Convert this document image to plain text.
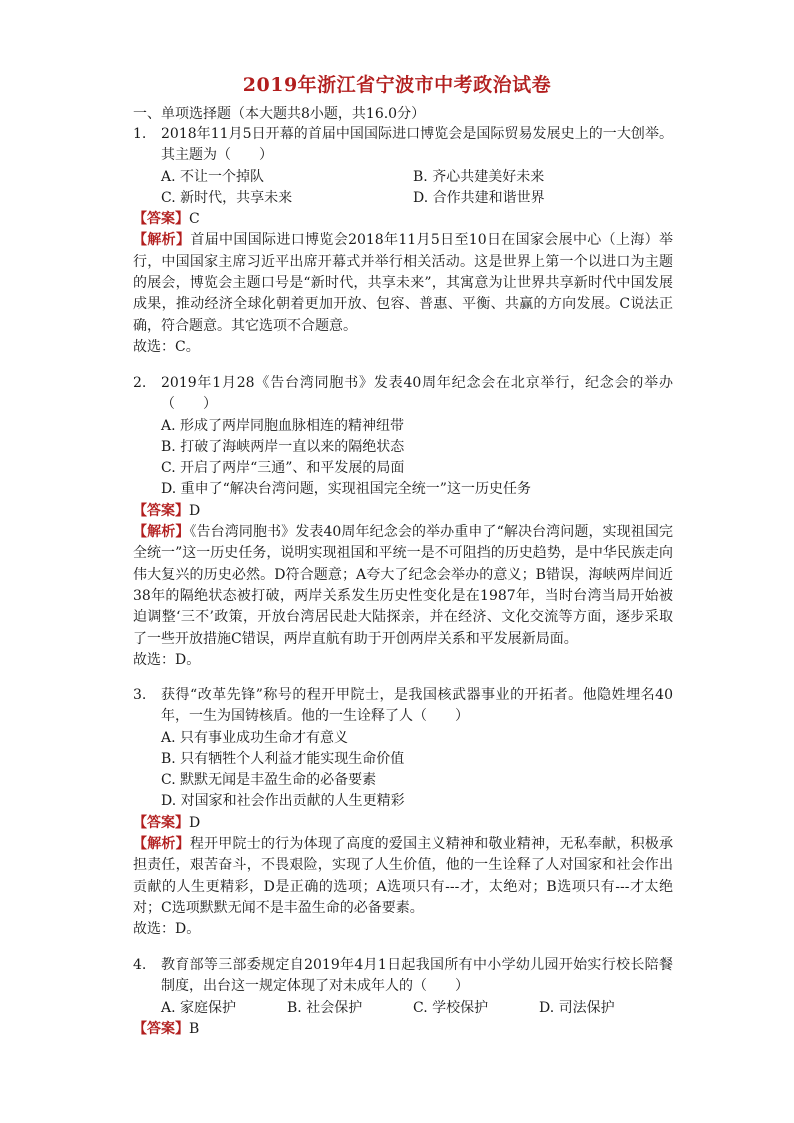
2019年浙江省宁波市中考政治试卷
一、单项选择题（本大题共8小题，共16.0分）
1.	2018年11月5日开幕的首届中国国际进口博览会是国际贸易发展史上的一大创举。其主题为（　　）
A. 不让一个掉队	B. 齐心共建美好未来
C. 新时代，共享未来	D. 合作共建和谐世界
【答案】C
【解析】首届中国国际进口博览会2018年11月5日至10日在国家会展中心（上海）举行，中国国家主席习近平出席开幕式并举行相关活动。这是世界上第一个以进口为主题的展会，博览会主题口号是“新时代，共享未来”，其寓意为让世界共享新时代中国发展成果，推动经济全球化朝着更加开放、包容、普惠、平衡、共赢的方向发展。C说法正确，符合题意。其它选项不合题意。
故选：C。
2.	2019年1月28《告台湾同胞书》发表40周年纪念会在北京举行，纪念会的举办（　　）
A. 形成了两岸同胞血脉相连的精神纽带
B. 打破了海峡两岸一直以来的隔绝状态
C. 开启了两岸“三通”、和平发展的局面
D. 重申了“解决台湾问题，实现祖国完全统一”这一历史任务
【答案】D
【解析】《告台湾同胞书》发表40周年纪念会的举办重申了“解决台湾问题，实现祖国完全统一”这一历史任务，说明实现祖国和平统一是不可阻挡的历史趋势，是中华民族走向伟大复兴的历史必然。D符合题意；A夸大了纪念会举办的意义；B错误，海峡两岸间近38年的隔绝状态被打破，两岸关系发生历史性变化是在1987年，当时台湾当局开始被迫调整‘三不’政策，开放台湾居民赴大陆探亲，并在经济、文化交流等方面，逐步采取了一些开放措施C错误，两岸直航有助于开创两岸关系和平发展新局面。
故选：D。
3.	获得“改革先锋”称号的程开甲院士，是我国核武器事业的开拓者。他隐姓埋名40年，一生为国铸核盾。他的一生诠释了人（　　）
A. 只有事业成功生命才有意义
B. 只有牺牲个人利益才能实现生命价值
C. 默默无闻是丰盈生命的必备要素
D. 对国家和社会作出贡献的人生更精彩
【答案】D
【解析】程开甲院士的行为体现了高度的爱国主义精神和敬业精神，无私奉献，积极承担责任，艰苦奋斗，不畏艰险，实现了人生价值，他的一生诠释了人对国家和社会作出贡献的人生更精彩，D是正确的选项；A选项只有---才，太绝对；B选项只有---才太绝对；C选项默默无闻不是丰盈生命的必备要素。
故选：D。
4.	教育部等三部委规定自2019年4月1日起我国所有中小学幼儿园开始实行校长陪餐制度，出台这一规定体现了对未成年人的（　　）
A. 家庭保护	B. 社会保护	C. 学校保护	D. 司法保护
【答案】B
